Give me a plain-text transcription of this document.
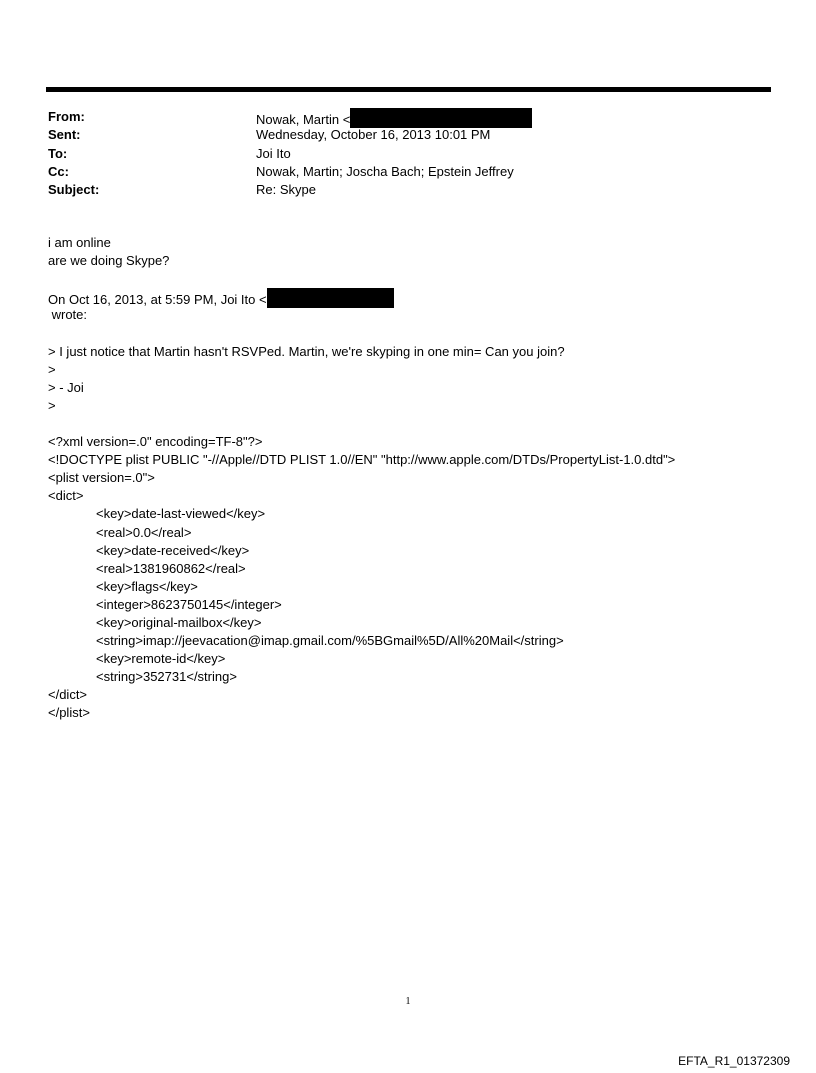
From:	Nowak, Martin <
Sent:	Wednesday, October 16, 2013 10:01 PM
To:	Joi Ito
Cc:	Nowak, Martin; Joscha Bach; Epstein Jeffrey
Subject:	Re: Skype
i am online
are we doing Skype?
On Oct 16, 2013, at 5:59 PM, Joi Ito <
wrote:
> I just notice that Martin hasn't RSVPed. Martin, we're skyping in one min= Can you join?
>
> - Joi
>
<?xml version=.0" encoding=TF-8"?>
<!DOCTYPE plist PUBLIC "-//Apple//DTD PLIST 1.0//EN" "http://www.apple.com/DTDs/PropertyList-1.0.dtd">
<plist version=.0">
<dict>
<key>date-last-viewed</key>
<real>0.0</real>
<key>date-received</key>
<real>1381960862</real>
<key>flags</key>
<integer>8623750145</integer>
<key>original-mailbox</key>
<string>imap://jeevacation@imap.gmail.com/%5BGmail%5D/All%20Mail</string>
<key>remote-id</key>
<string>352731</string>
</dict>
</plist>
1
EFTA_R1_01372309
